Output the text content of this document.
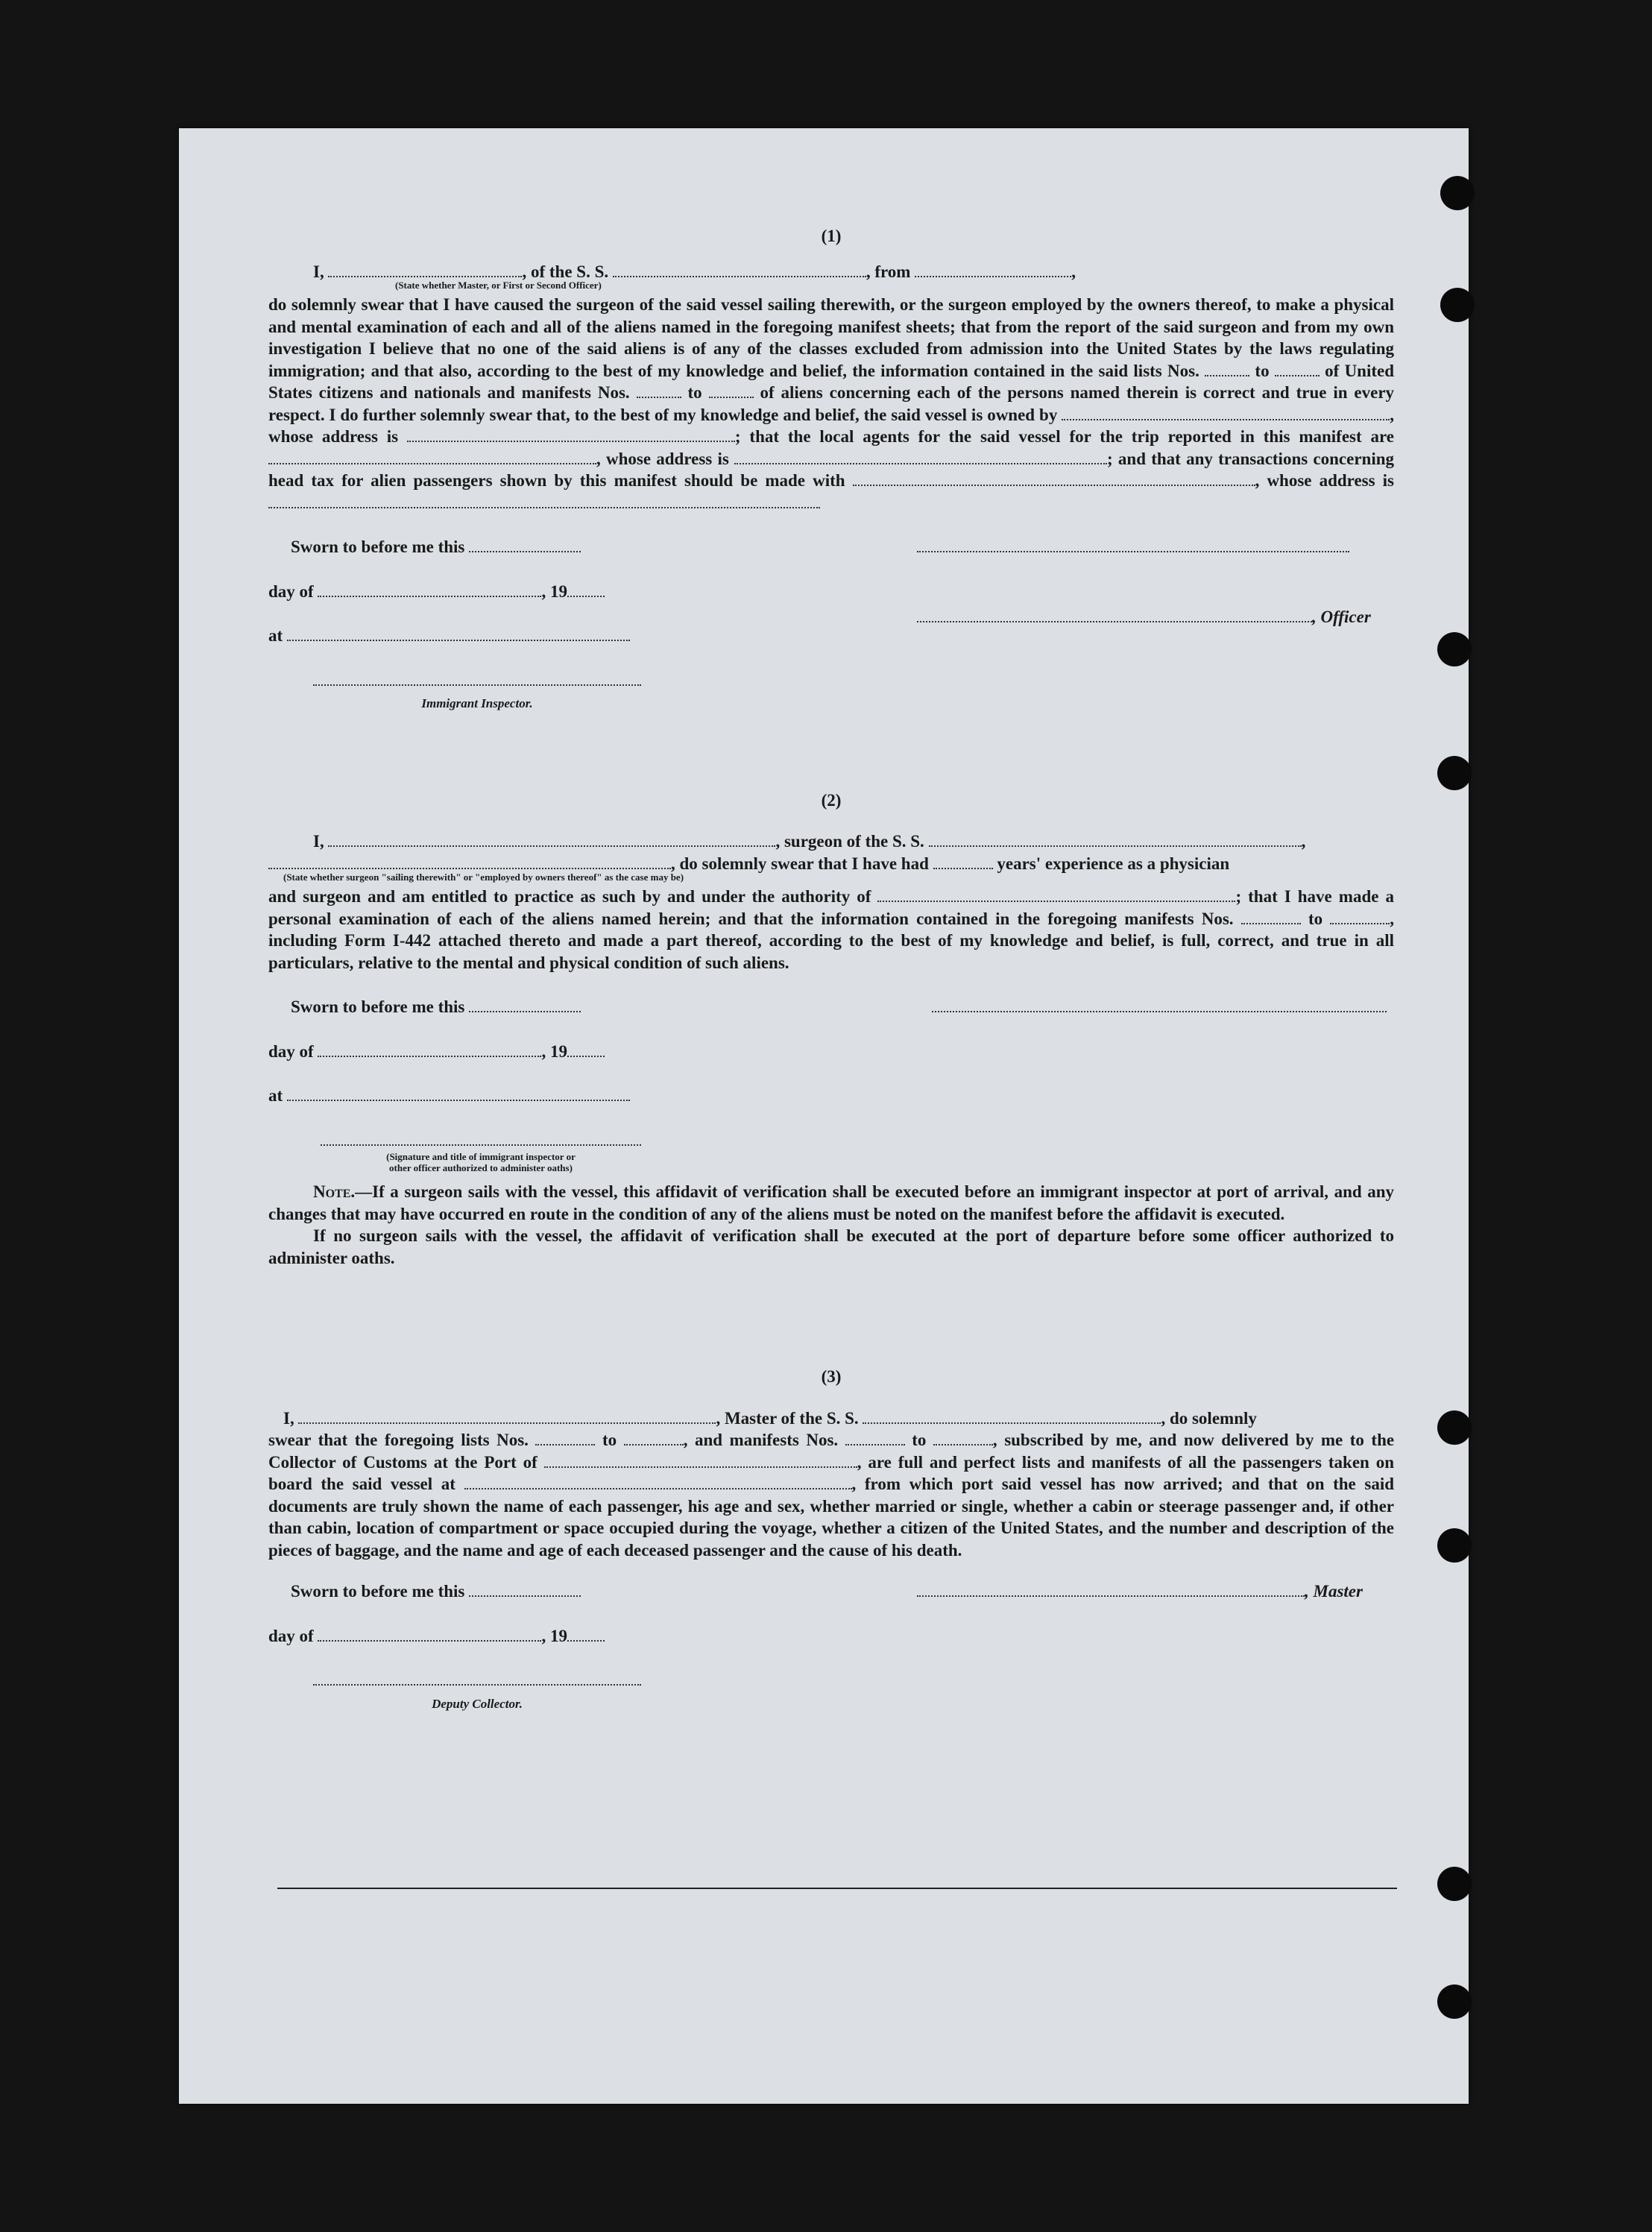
(1)

I,	, of the S. S.	, from	,
(State whether Master, or First or Second Officer)

do solemnly swear that I have caused the surgeon of the said vessel sailing therewith, or the surgeon employed by the owners thereof, to make a physical and mental examination of each and all of the aliens named in the foregoing manifest sheets; that from the report of the said surgeon and from my own investigation I believe that no one of the said aliens is of any of the classes excluded from admission into the United States by the laws regulating immigration; and that also, according to the best of my knowledge and belief, the information contained in the said lists Nos.	to	of United States citizens and nationals and manifests Nos.	to	of aliens concerning each of the persons named therein is correct and true in every respect. I do further solemnly swear that, to the best of my knowledge and belief, the said vessel is owned by	, whose address is	; that the local agents for the said vessel for the trip reported in this manifest are , whose address is	; and that any transactions concerning head tax for alien passengers shown by this manifest should be made with	, whose address is

Sworn to before me this
day of	, 19
at
Immigrant Inspector.
, Officer

(2)

I,	, surgeon of the S. S.	,
, do solemnly swear that I have had	years' experience as a physician
(State whether surgeon "sailing therewith" or "employed by owners thereof" as the case may be)

and surgeon and am entitled to practice as such by and under the authority of	; that I have made a personal examination of each of the aliens named herein; and that the information contained in the foregoing manifests Nos.	to	, including Form I-442 attached thereto and made a part thereof, according to the best of my knowledge and belief, is full, correct, and true in all particulars, relative to the mental and physical condition of such aliens.

Sworn to before me this
day of	, 19
at
(Signature and title of immigrant inspector or
other officer authorized to administer oaths)

Note.—If a surgeon sails with the vessel, this affidavit of verification shall be executed before an immigrant inspector at port of arrival, and any changes that may have occurred en route in the condition of any of the aliens must be noted on the manifest before the affidavit is executed.

If no surgeon sails with the vessel, the affidavit of verification shall be executed at the port of departure before some officer authorized to administer oaths.

(3)

I,	, Master of the S. S.	, do solemnly

swear that the foregoing lists Nos.	to	, and manifests Nos.	to	, subscribed by me, and now delivered by me to the Collector of Customs at the Port of	, are full and perfect lists and manifests of all the passengers taken on board the said vessel at	, from which port said vessel has now arrived; and that on the said documents are truly shown the name of each passenger, his age and sex, whether married or single, whether a cabin or steerage passenger and, if other than cabin, location of compartment or space occupied during the voyage, whether a citizen of the United States, and the number and description of the pieces of baggage, and the name and age of each deceased passenger and the cause of his death.

Sworn to before me this
day of	, 19
Deputy Collector.
, Master
